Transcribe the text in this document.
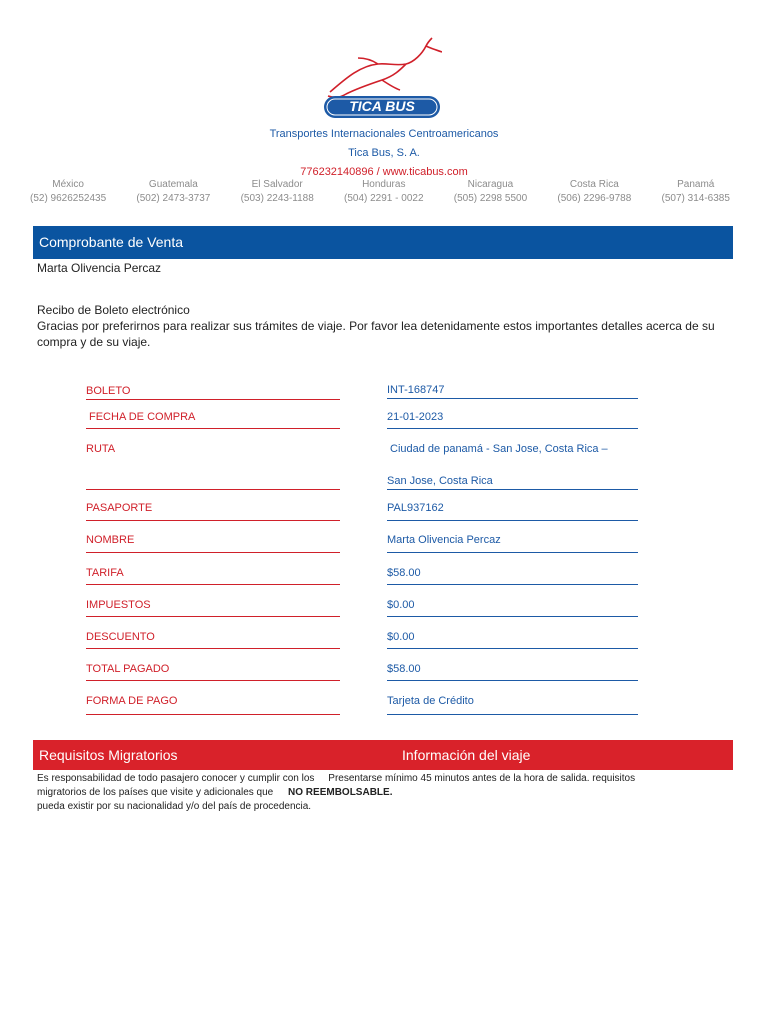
TICA BUS
Transportes Internacionales Centroamericanos
Tica Bus, S. A.
776232140896 / www.ticabus.com
México
(52) 9626252435
Guatemala
(502) 2473-3737
El Salvador
(503) 2243-1188
Honduras
(504) 2291 - 0022
Nicaragua
(505) 2298 5500
Costa Rica
(506) 2296-9788
Panamá
(507) 314-6385
Comprobante de Venta
Marta Olivencia Percaz
Recibo de Boleto electrónico
Gracias por preferirnos para realizar sus trámites de viaje. Por favor lea detenidamente estos importantes detalles acerca de su compra y de su viaje.
BOLETO	INT-168747
FECHA DE COMPRA	21-01-2023
RUTA	Ciudad de panamá - San Jose, Costa Rica –
San Jose, Costa Rica
PASAPORTE	PAL937162
NOMBRE	Marta Olivencia Percaz
TARIFA	$58.00
IMPUESTOS	$0.00
DESCUENTO	$0.00
TOTAL PAGADO	$58.00
FORMA DE PAGO	Tarjeta de Crédito
Requisitos Migratorios	Información del viaje
Es responsabilidad de todo pasajero conocer y cumplir con los     Presentarse mínimo 45 minutos antes de la hora de salida. requisitos
migratorios de los países que visite y adicionales que NO REEMBOLSABLE.
pueda existir por su nacionalidad y/o del país de procedencia.
